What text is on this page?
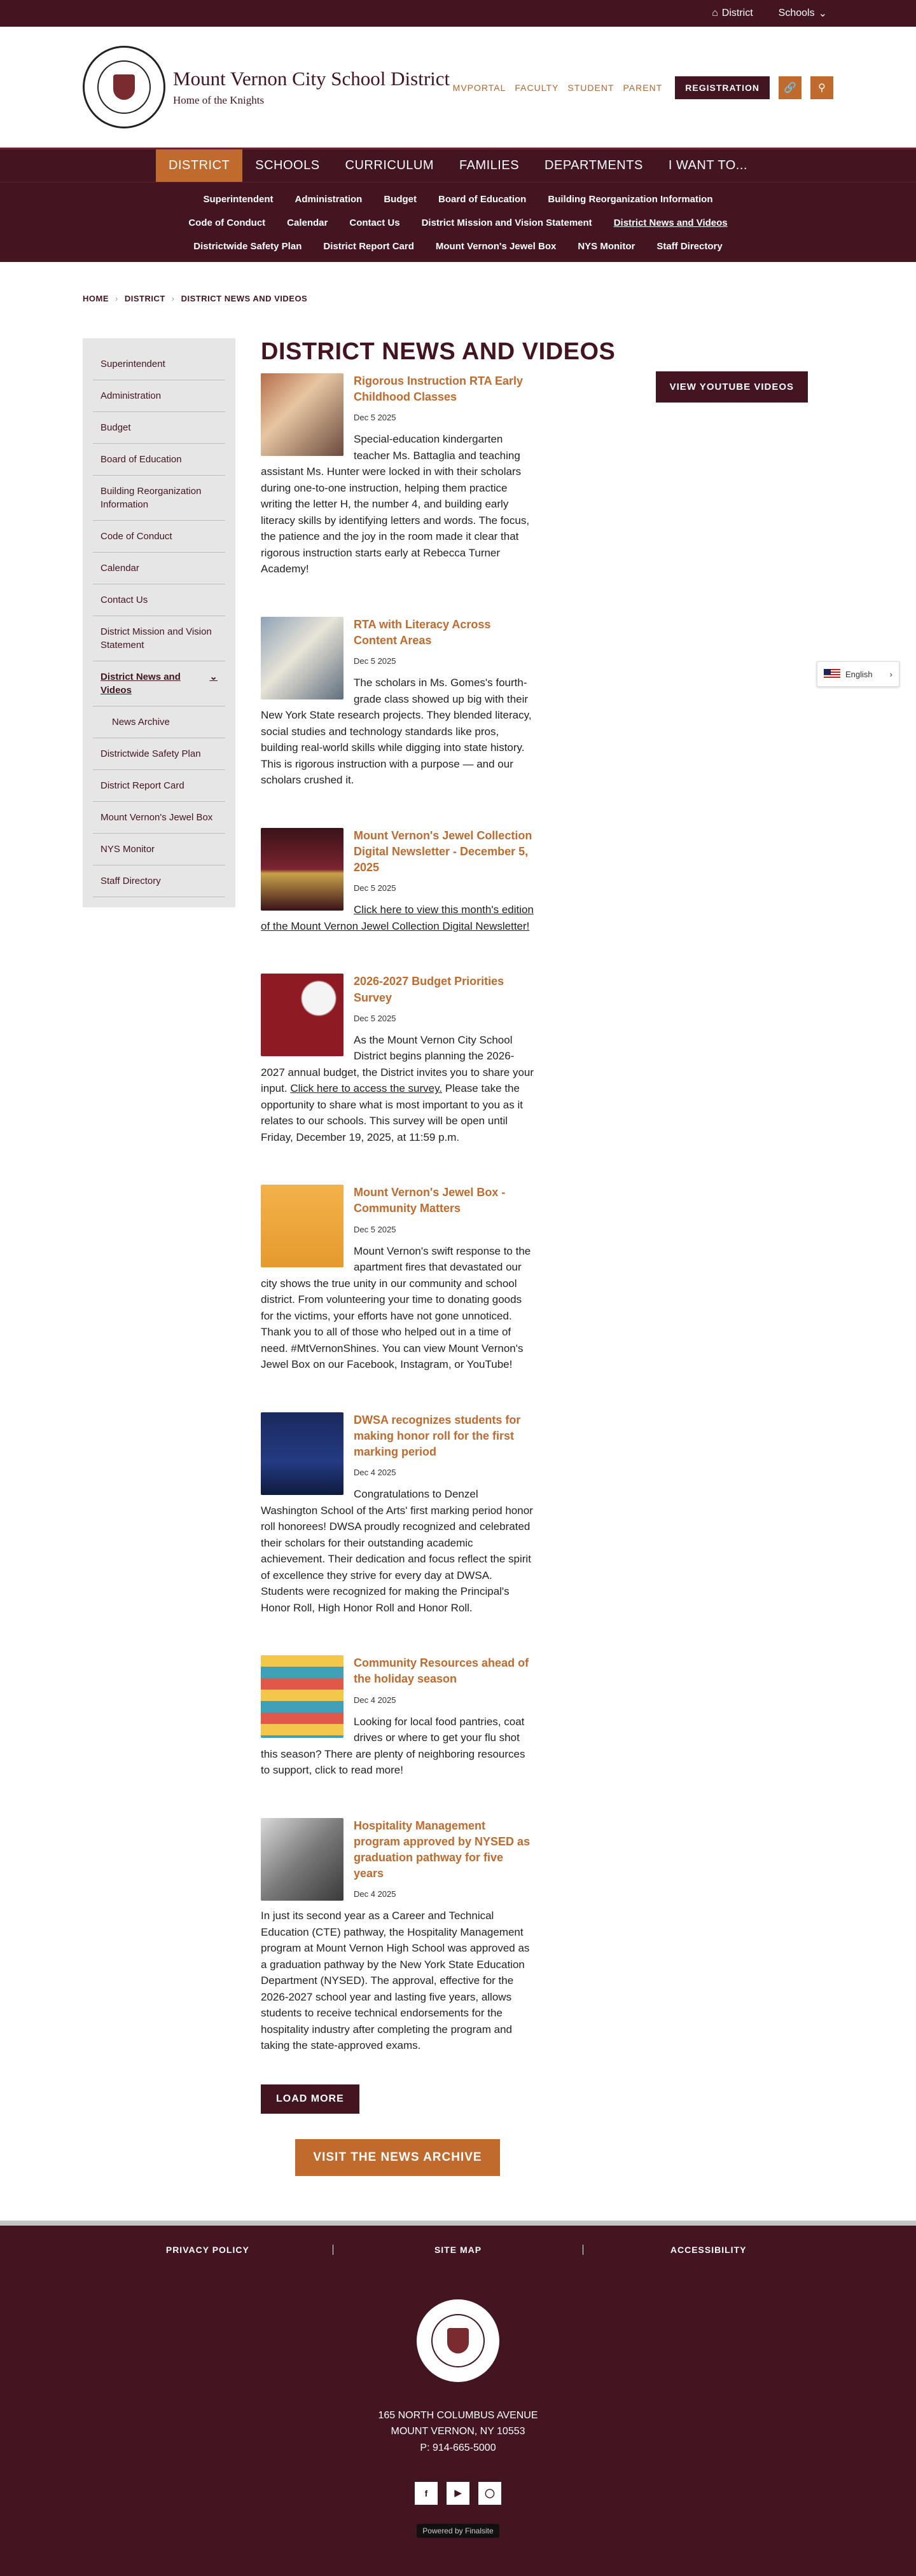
⌂ District	Schools ⌄
Mount Vernon City School District
Home of the Knights
MVPORTAL FACULTY STUDENT PARENT	REGISTRATION	🔗	⚲
DISTRICT	SCHOOLS	CURRICULUM	FAMILIES	DEPARTMENTS	I WANT TO...
Superintendent Administration Budget Board of Education Building Reorganization Information
Code of Conduct Calendar Contact Us District Mission and Vision Statement District News and Videos
Districtwide Safety Plan District Report Card Mount Vernon's Jewel Box NYS Monitor Staff Directory
HOME › DISTRICT › DISTRICT NEWS AND VIDEOS
Superintendent
Administration
Budget
Board of Education
Building Reorganization Information
Code of Conduct
Calendar
Contact Us
District Mission and Vision Statement
District News and Videos
⌄
News Archive
Districtwide Safety Plan
District Report Card
Mount Vernon's Jewel Box
NYS Monitor
Staff Directory
DISTRICT NEWS AND VIDEOS
VIEW YOUTUBE VIDEOS
Rigorous Instruction RTA Early Childhood Classes
Dec 5 2025
Special-education kindergarten teacher Ms. Battaglia and teaching assistant Ms. Hunter were locked in with their scholars during one-to-one instruction, helping them practice writing the letter H, the number 4, and building early literacy skills by identifying letters and words. The focus, the patience and the joy in the room made it clear that rigorous instruction starts early at Rebecca Turner Academy!
RTA with Literacy Across Content Areas
Dec 5 2025
The scholars in Ms. Gomes's fourth-grade class showed up big with their New York State research projects. They blended literacy, social studies and technology standards like pros, building real-world skills while digging into state history. This is rigorous instruction with a purpose — and our scholars crushed it.
Mount Vernon's Jewel Collection Digital Newsletter - December 5, 2025
Dec 5 2025
Click here to view this month's edition of the Mount Vernon Jewel Collection Digital Newsletter!
2026-2027 Budget Priorities Survey
Dec 5 2025
As the Mount Vernon City School District begins planning the 2026-2027 annual budget, the District invites you to share your input. Click here to access the survey. Please take the opportunity to share what is most important to you as it relates to our schools. This survey will be open until Friday, December 19, 2025, at 11:59 p.m.
Mount Vernon's Jewel Box - Community Matters
Dec 5 2025
Mount Vernon's swift response to the apartment fires that devastated our city shows the true unity in our community and school district. From volunteering your time to donating goods for the victims, your efforts have not gone unnoticed. Thank you to all of those who helped out in a time of need. #MtVernonShines. You can view Mount Vernon's Jewel Box on our Facebook, Instagram, or YouTube!
DWSA recognizes students for making honor roll for the first marking period
Dec 4 2025
Congratulations to Denzel Washington School of the Arts' first marking period honor roll honorees! DWSA proudly recognized and celebrated their scholars for their outstanding academic achievement. Their dedication and focus reflect the spirit of excellence they strive for every day at DWSA. Students were recognized for making the Principal's Honor Roll, High Honor Roll and Honor Roll.
Community Resources ahead of the holiday season
Dec 4 2025
Looking for local food pantries, coat drives or where to get your flu shot this season? There are plenty of neighboring resources to support, click to read more!
Hospitality Management program approved by NYSED as graduation pathway for five years
Dec 4 2025
In just its second year as a Career and Technical Education (CTE) pathway, the Hospitality Management program at Mount Vernon High School was approved as a graduation pathway by the New York State Education Department (NYSED). The approval, effective for the 2026-2027 school year and lasting five years, allows students to receive technical endorsements for the hospitality industry after completing the program and taking the state-approved exams.
LOAD MORE
VISIT THE NEWS ARCHIVE
English ›
PRIVACY POLICY	SITE MAP	ACCESSIBILITY
165 NORTH COLUMBUS AVENUE
MOUNT VERNON, NY 10553
P: 914-665-5000
f	▶	◯
Powered by Finalsite
